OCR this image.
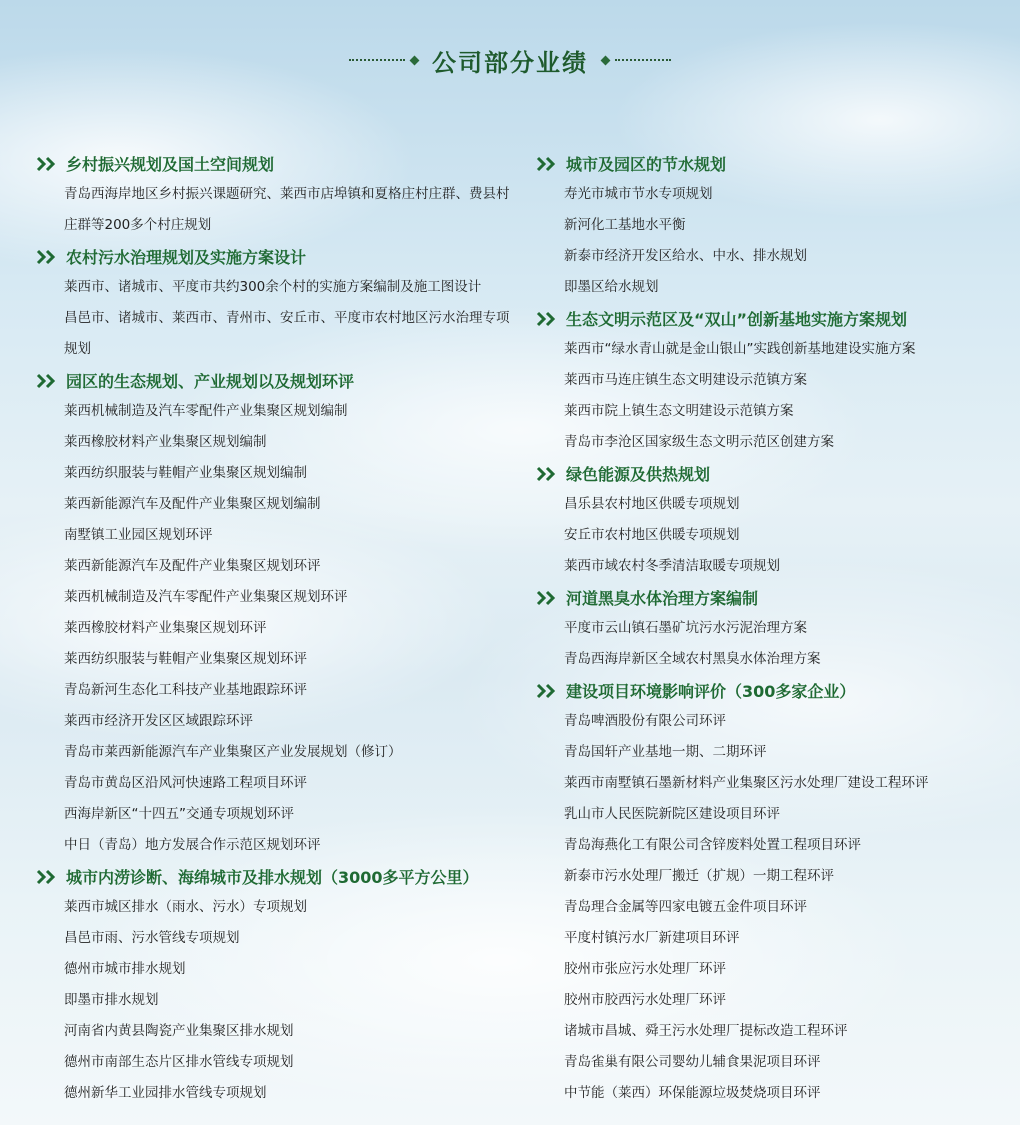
公司部分业绩
乡村振兴规划及国土空间规划
青岛西海岸地区乡村振兴课题研究、莱西市店埠镇和夏格庄村庄群、费县村庄群等200多个村庄规划
农村污水治理规划及实施方案设计
莱西市、诸城市、平度市共约300余个村的实施方案编制及施工图设计
昌邑市、诸城市、莱西市、青州市、安丘市、平度市农村地区污水治理专项规划
园区的生态规划、产业规划以及规划环评
莱西机械制造及汽车零配件产业集聚区规划编制
莱西橡胶材料产业集聚区规划编制
莱西纺织服装与鞋帽产业集聚区规划编制
莱西新能源汽车及配件产业集聚区规划编制
南墅镇工业园区规划环评
莱西新能源汽车及配件产业集聚区规划环评
莱西机械制造及汽车零配件产业集聚区规划环评
莱西橡胶材料产业集聚区规划环评
莱西纺织服装与鞋帽产业集聚区规划环评
青岛新河生态化工科技产业基地跟踪环评
莱西市经济开发区区域跟踪环评
青岛市莱西新能源汽车产业集聚区产业发展规划（修订）
青岛市黄岛区沿风河快速路工程项目环评
西海岸新区“十四五”交通专项规划环评
中日（青岛）地方发展合作示范区规划环评
城市内涝诊断、海绵城市及排水规划（3000多平方公里）
莱西市城区排水（雨水、污水）专项规划
昌邑市雨、污水管线专项规划
德州市城市排水规划
即墨市排水规划
河南省内黄县陶瓷产业集聚区排水规划
德州市南部生态片区排水管线专项规划
德州新华工业园排水管线专项规划
城市及园区的节水规划
寿光市城市节水专项规划
新河化工基地水平衡
新泰市经济开发区给水、中水、排水规划
即墨区给水规划
生态文明示范区及“双山”创新基地实施方案规划
莱西市“绿水青山就是金山银山”实践创新基地建设实施方案
莱西市马连庄镇生态文明建设示范镇方案
莱西市院上镇生态文明建设示范镇方案
青岛市李沧区国家级生态文明示范区创建方案
绿色能源及供热规划
昌乐县农村地区供暖专项规划
安丘市农村地区供暖专项规划
莱西市域农村冬季清洁取暖专项规划
河道黑臭水体治理方案编制
平度市云山镇石墨矿坑污水污泥治理方案
青岛西海岸新区全域农村黑臭水体治理方案
建设项目环境影响评价（300多家企业）
青岛啤酒股份有限公司环评
青岛国轩产业基地一期、二期环评
莱西市南墅镇石墨新材料产业集聚区污水处理厂建设工程环评
乳山市人民医院新院区建设项目环评
青岛海燕化工有限公司含锌废料处置工程项目环评
新泰市污水处理厂搬迁（扩规）一期工程环评
青岛理合金属等四家电镀五金件项目环评
平度村镇污水厂新建项目环评
胶州市张应污水处理厂环评
胶州市胶西污水处理厂环评
诸城市昌城、舜王污水处理厂提标改造工程环评
青岛雀巢有限公司婴幼儿辅食果泥项目环评
中节能（莱西）环保能源垃圾焚烧项目环评
